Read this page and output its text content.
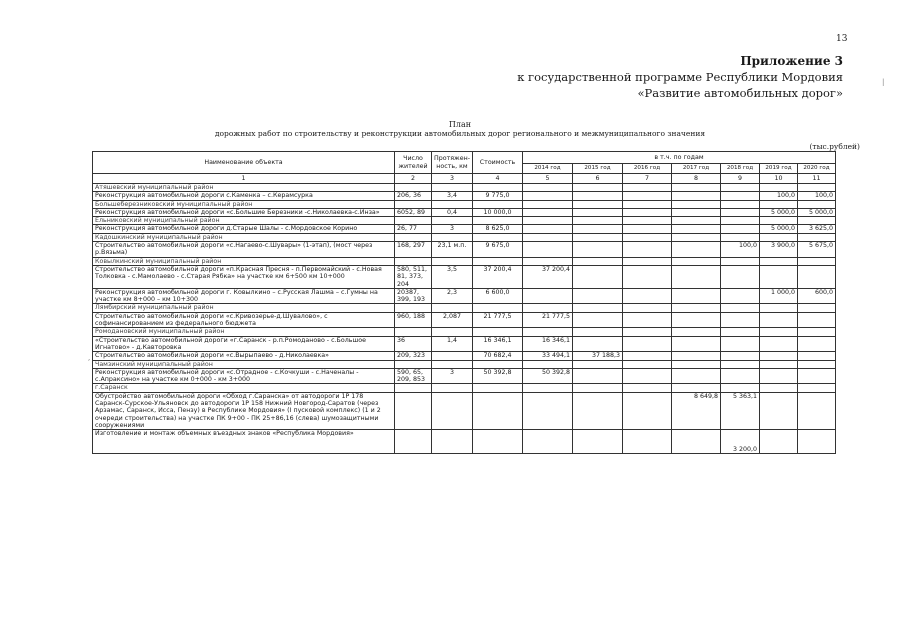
13
Приложение 3
к государственной программе Республики Мордовия
«Развитие автомобильных дорог»
План
дорожных работ по строительству и реконструкции автомобильных дорог регионального и межмуниципального значения
(тыс.рублей)
Наименование объекта	Число жителей	Протяжен-ность, км	Стоимость	в т.ч. по годам						
				2014 год	2015 год	2016 год	2017 год	2018 год	2019 год	2020 год
1	2	3	4	5	6	7	8	9	10	11
Атяшевский муниципальный район										
Реконструкция автомобильной дороги с.Каменка – с.Керамсурка	206, 36	3,4	9 775,0						100,0	100,0
Большеберезниковский муниципальный район										
Реконструкция автомобильной дороги «с.Большие Березники -с.Николаевка-с.Инза»	6052, 89	0,4	10 000,0						5 000,0	5 000,0
Ельниковский муниципальный район										
Реконструкция автомобильной дороги д.Старые Шалы - с.Мордовское Корино	26, 77	3	8 625,0						5 000,0	3 625,0
Кадошкинский муниципальный район										
Строительство автомобильной дороги «с.Нагаево-с.Шувары» (1-этап), (мост через р.Вязьма)	168, 297	23,1 м.п.	9 675,0					100,0	3 900,0	5 675,0
Ковылкинский муниципальный район										
Строительство автомобильной дороги «п.Красная Пресня - п.Первомайский - с.Новая Толковка - с.Мамолаево - с.Старая Рябка» на участке км 6+500 км 10+000	580, 511, 81, 373, 204	3,5	37 200,4	37 200,4						
Реконструкция автомобильной дороги г. Ковылкино – с.Русская Лашма – с.Гумны на участке км 8+000 – км 10+300	20387, 399, 193	2,3	6 600,0						1 000,0	600,0
Лямбирский муниципальный район										
Строительство автомобильной дороги «с.Кривозерье-д.Шувалово», с софинансированием из федерального бюджета	960, 188	2,087	21 777,5	21 777,5						
Ромодановский муниципальный район										
«Строительство автомобильной дороги «г.Саранск - р.п.Ромоданово - с.Большое Игнатово» - д.Кавторовка	36	1,4	16 346,1	16 346,1						
Строительство автомобильной дороги «с.Вырыпаево - д.Николаевка»	209, 323		70 682,4	33 494,1	37 188,3					
Чамзинский муниципальный район										
Реконструкция автомобильной дороги «с.Отрадное - с.Кочкуши - с.Наченалы - с.Апраксино» на участке км 0+000 - км 3+000	590, 65, 209, 853	3	50 392,8	50 392,8						
г.Саранск										
Обустройство автомобильной дороги «Обход г.Саранска» от автодороги 1Р 178 Саранск-Сурское-Ульяновск до автодороги 1Р 158 Нижний Новгород-Саратов (через Арзамас, Саранск, Исса, Пензу) в Республике Мордовия» (I пусковой комплекс) (1 и 2 очереди строительства) на участке ПК 9+00 - ПК 25+86,16 (слева) шумозащитными сооружениями							8 649,8	5 363,1		
Изготовление и монтаж объемных въездных знаков «Республика Мордовия»								3 200,0		
|
,
